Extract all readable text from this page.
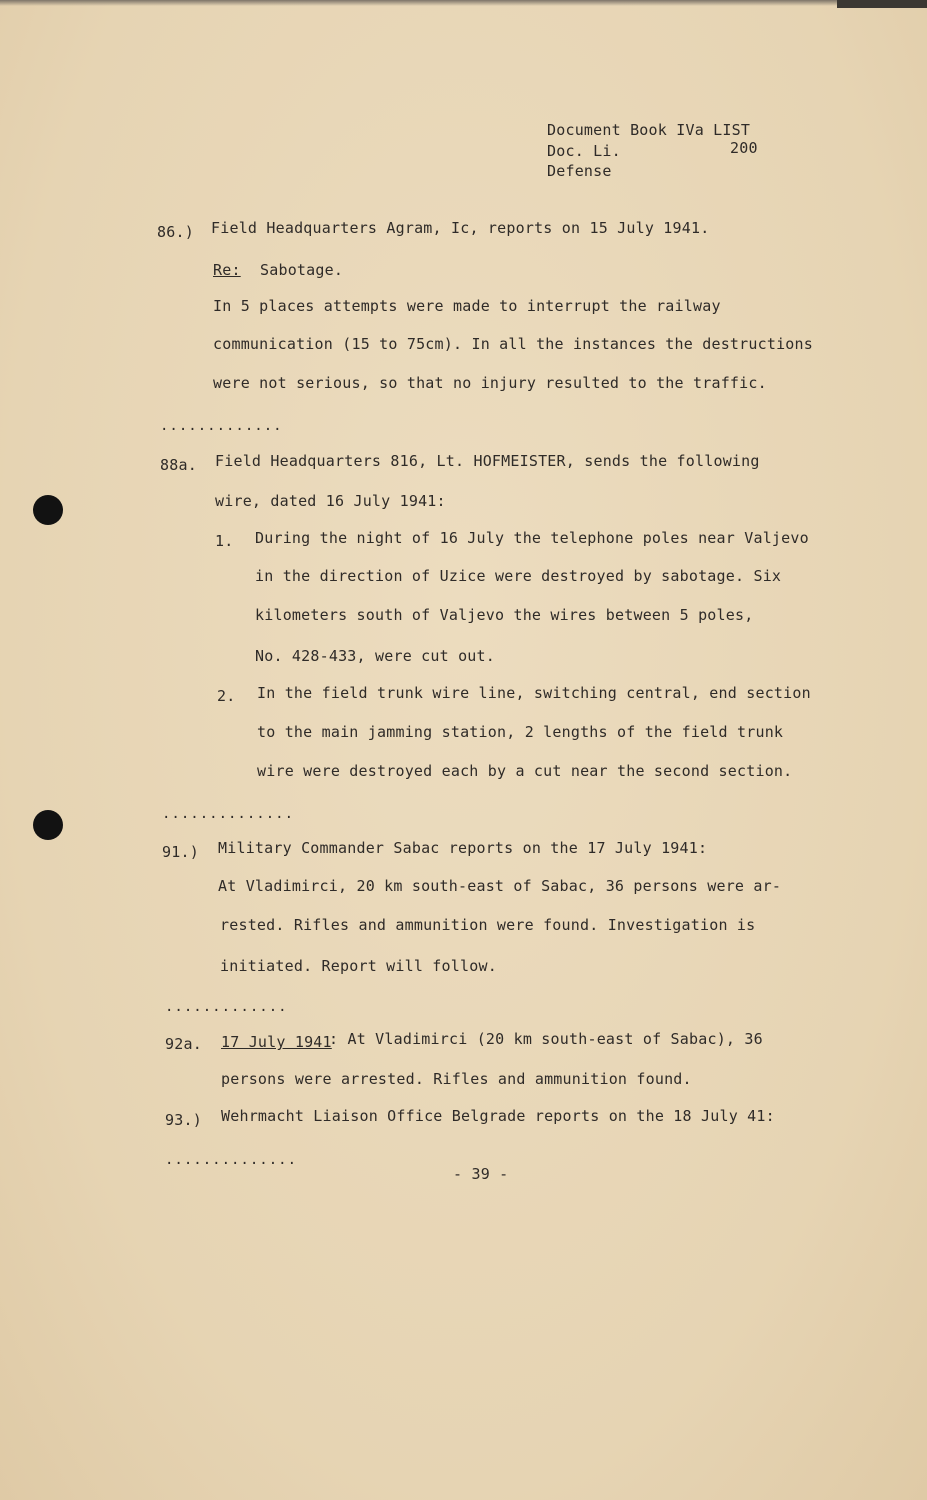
Document Book IVa LIST
Doc. Li.	200
Defense
86.) Field Headquarters Agram, Ic, reports on 15 July 1941.
Re: Sabotage.
In 5 places attempts were made to interrupt the railway
communication (15 to 75cm). In all the instances the destructions
were not serious, so that no injury resulted to the traffic.
.............
88a. Field Headquarters 816, Lt. HOFMEISTER, sends the following
wire, dated 16 July 1941:
1. During the night of 16 July the telephone poles near Valjevo
in the direction of Uzice were destroyed by sabotage. Six
kilometers south of Valjevo the wires between 5 poles,
No. 428-433, were cut out.
2. In the field trunk wire line, switching central, end section
to the main jamming station, 2 lengths of the field trunk
wire were destroyed each by a cut near the second section.
..............
91.) Military Commander Sabac reports on the 17 July 1941:
At Vladimirci, 20 km south-east of Sabac, 36 persons were ar-
rested. Rifles and ammunition were found. Investigation is
initiated. Report will follow.
.............
92a. 17 July 1941
: At Vladimirci (20 km south-east of Sabac), 36
persons were arrested. Rifles and ammunition found.
93.) Wehrmacht Liaison Office Belgrade reports on the 18 July 41:
..............
- 39 -
